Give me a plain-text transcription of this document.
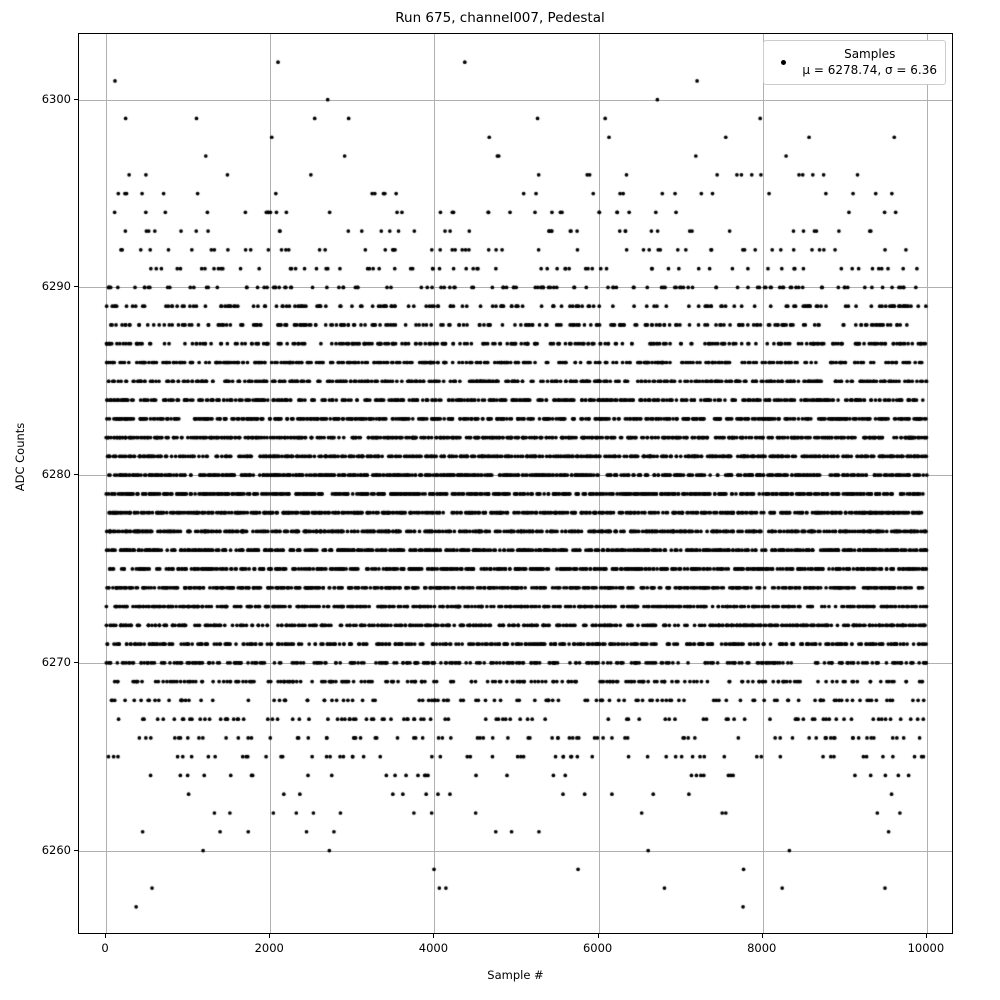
Run 675, channel007, Pedestal
Samples
μ = 6278.74, σ = 6.36
0	2000	4000	6000	8000	10000
6260
6270
6280
6290
6300
Sample #
ADC Counts
